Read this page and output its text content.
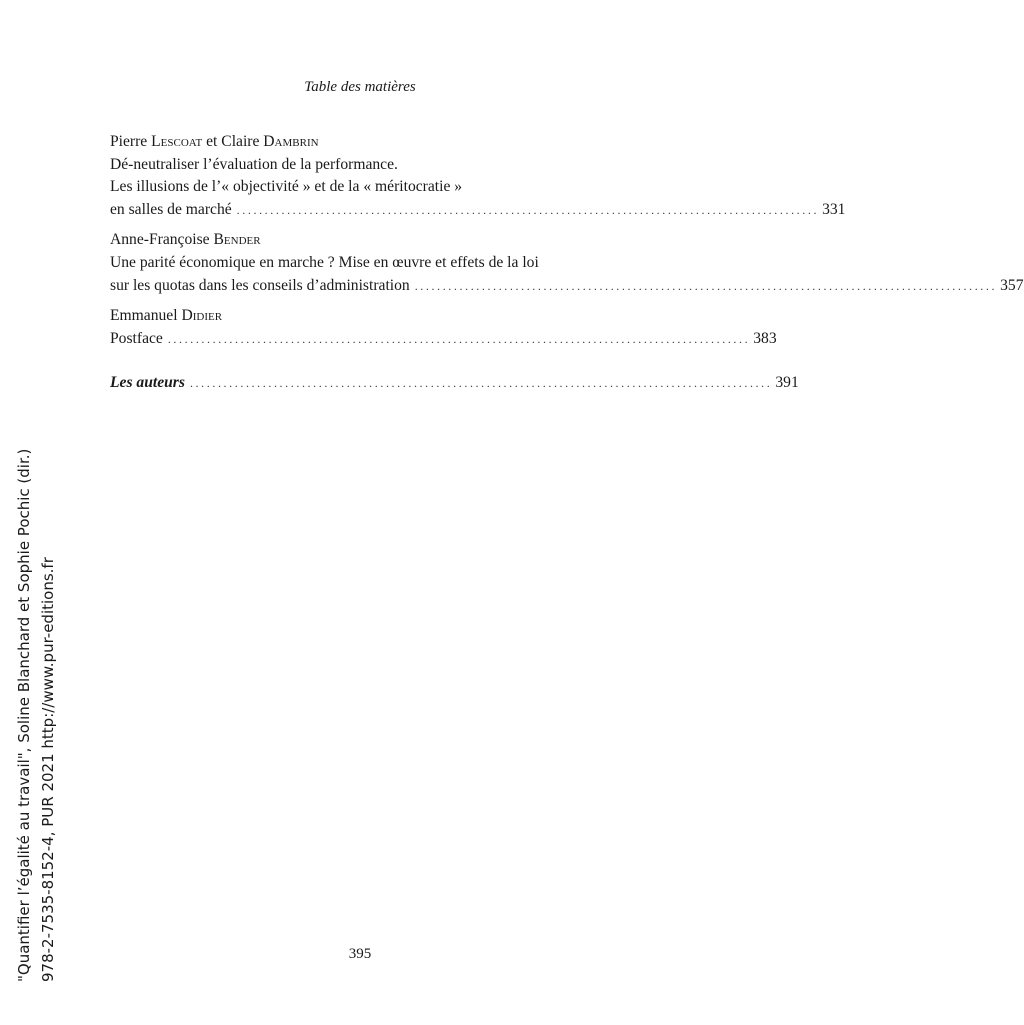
Table des matières
Pierre Lescoat et Claire Dambrin
Dé-neutraliser l’évaluation de la performance.
Les illusions de l’« objectivité » et de la « méritocratie »
en salles de marché ........................................................................................................ 331
Anne-Françoise Bender
Une parité économique en marche ? Mise en œuvre et effets de la loi
sur les quotas dans les conseils d’administration ........................................................................................................ 357
Emmanuel Didier
Postface ........................................................................................................ 383
Les auteurs ........................................................................................................ 391
"Quantifier l’égalité au travail", Soline Blanchard et Sophie Pochic (dir.) 978-2-7535-8152-4, PUR 2021 http://www.pur-editions.fr	395
